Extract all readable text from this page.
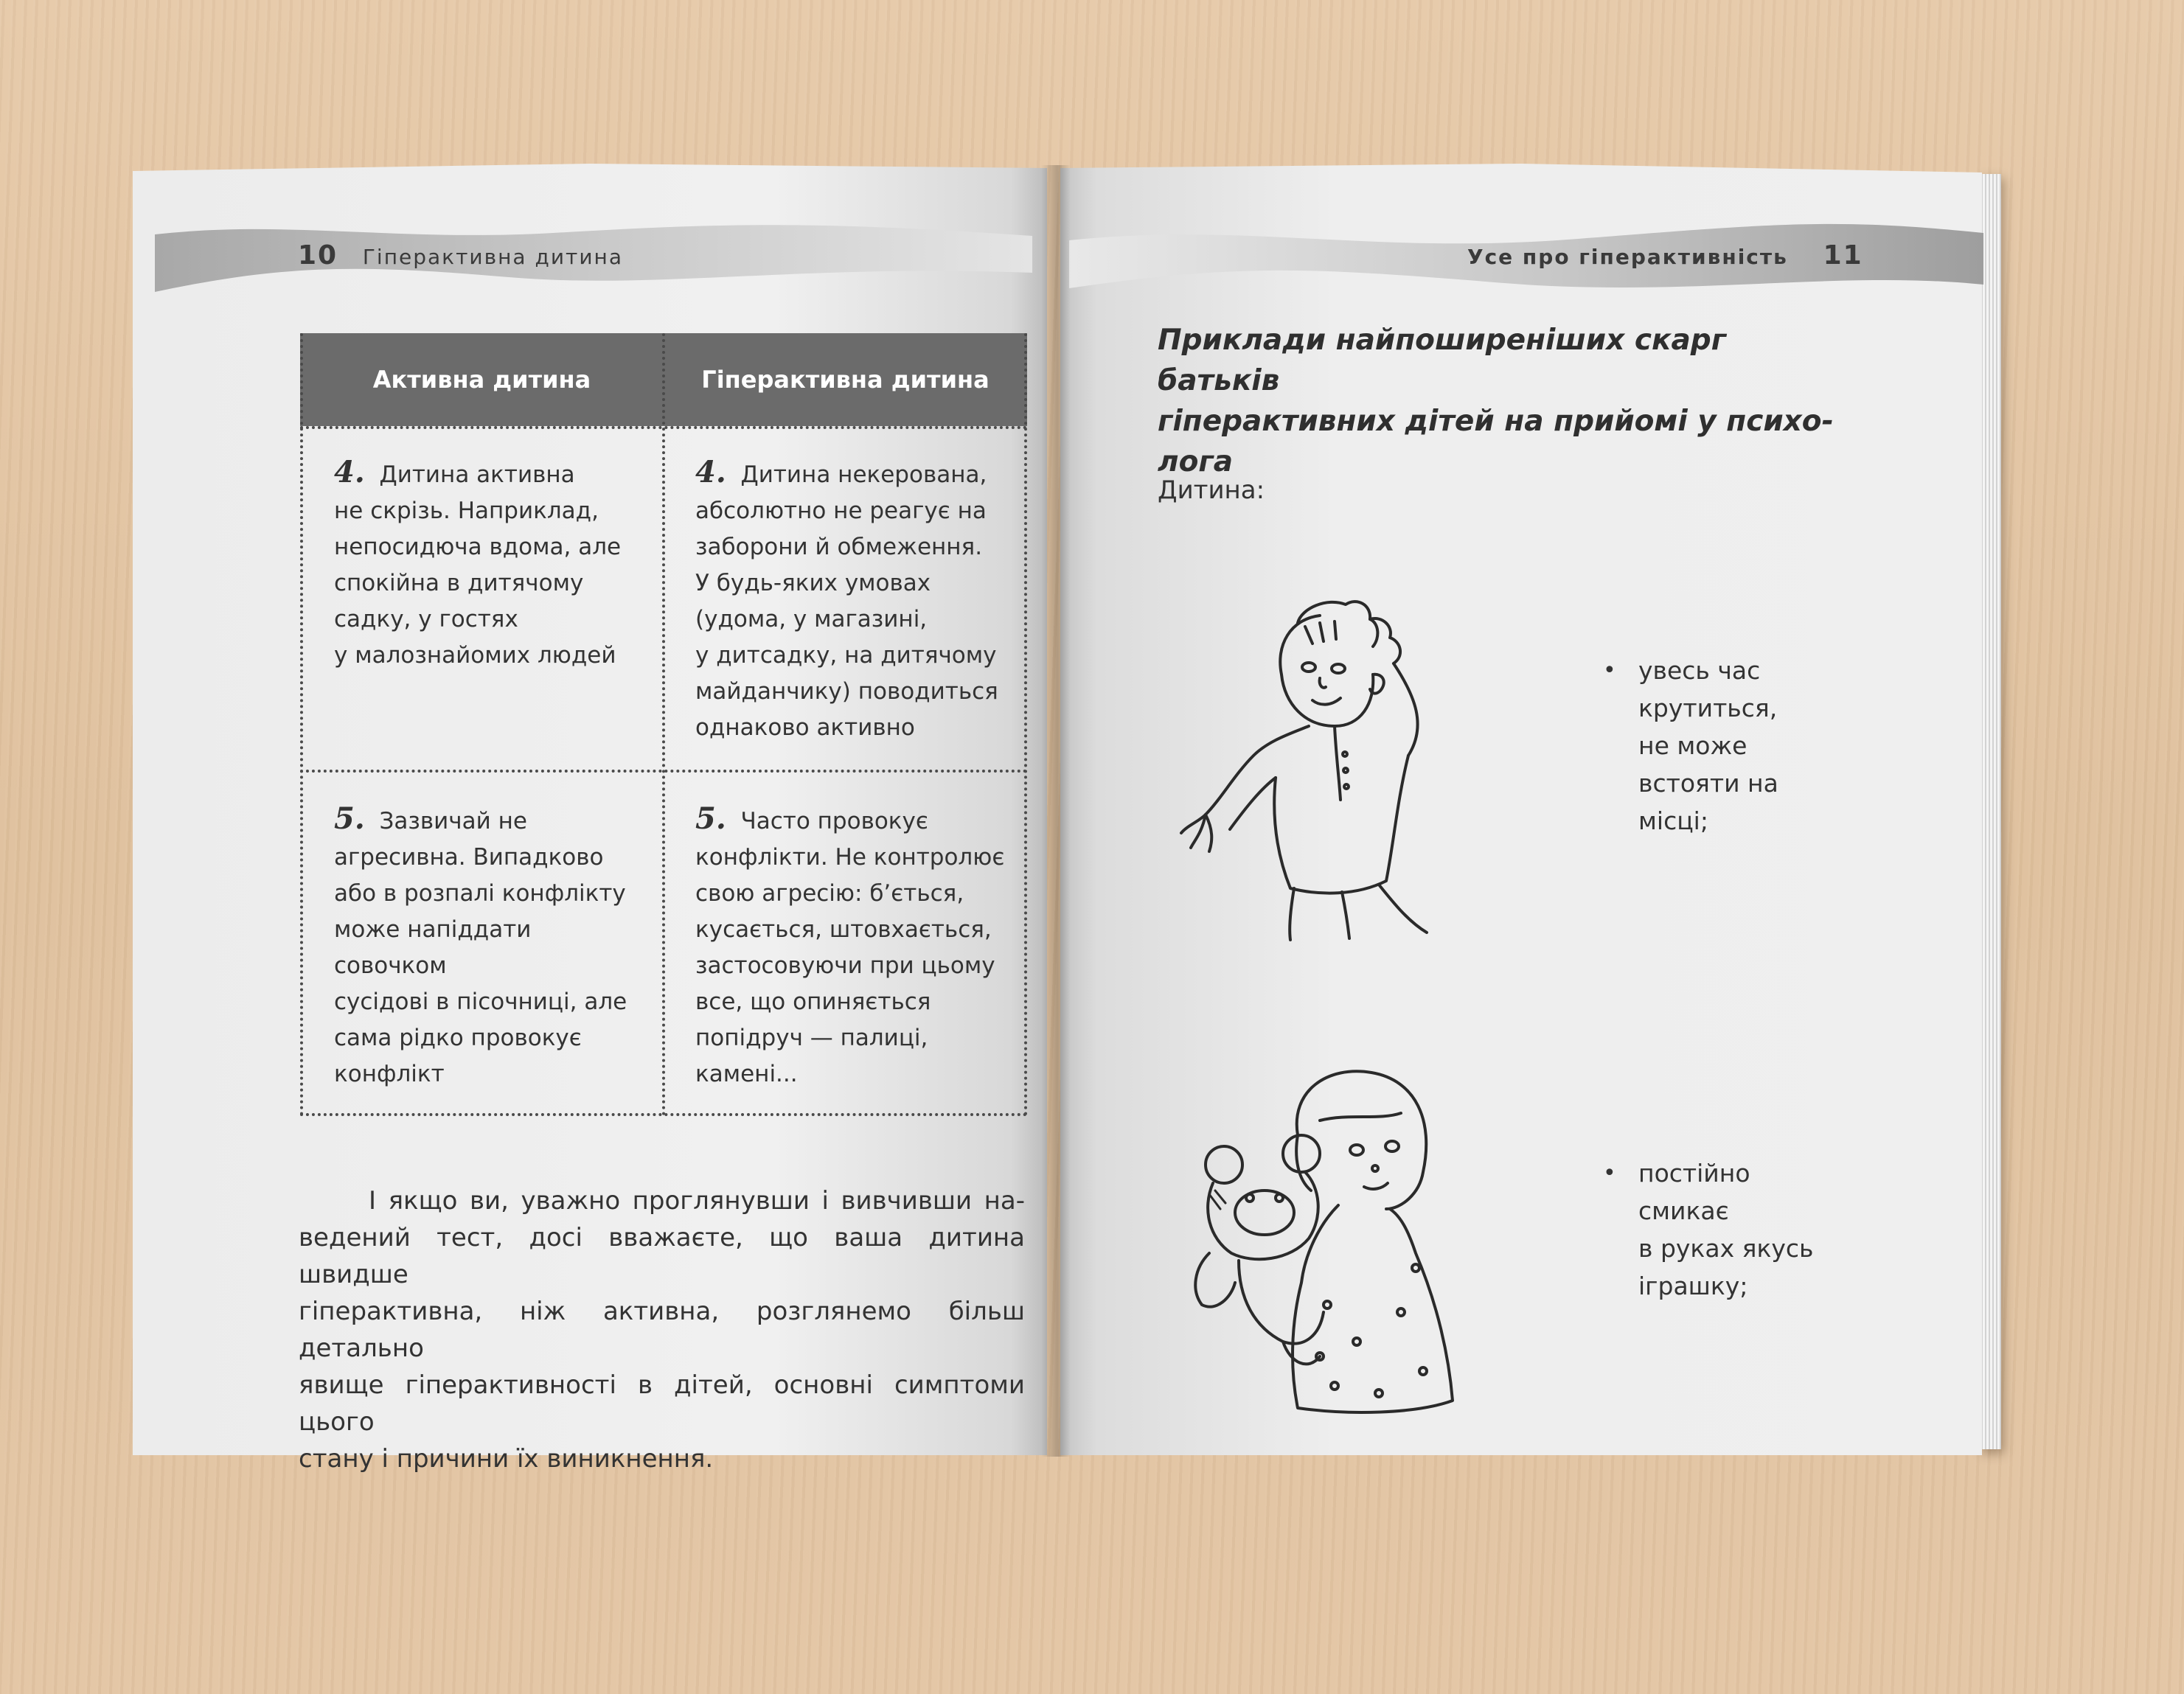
10 Гіперактивна дитина
Активна дитина	Гіперактивна дитина
4. Дитина активна
не скрізь. Наприклад,
непосидюча вдома, але
спокійна в дитячому
садку, у гостях
у малознайомих людей
4. Дитина некерована,
абсолютно не реагує на
заборони й обмеження.
У будь-яких умовах
(удома, у магазині,
у дитсадку, на дитячому
майданчику) поводиться
однаково активно
5. Зазвичай не
агресивна. Випадково
або в розпалі конфлікту
може напіддати совочком
сусідові в пісочниці, але
сама рідко провокує
конфлікт
5. Часто провокує
конфлікти. Не контролює
свою агресію: б’ється,
кусається, штовхається,
застосовуючи при цьому
все, що опиняється
попідруч — палиці,
камені...
І якщо ви, уважно проглянувши і вивчивши на-
ведений тест, досі вважаєте, що ваша дитина швидше
гіперактивна, ніж активна, розглянемо більш детально
явище гіперактивності в дітей, основні симптоми цього
стану і причини їх виникнення.
Усе про гіперактивність 11
Приклади найпоширеніших скарг батьків
гіперактивних дітей на прийомі у психо-
лога
Дитина:
• увесь час
крутиться,
не може
встояти на
місці;
• постійно
смикає
в руках якусь
іграшку;
